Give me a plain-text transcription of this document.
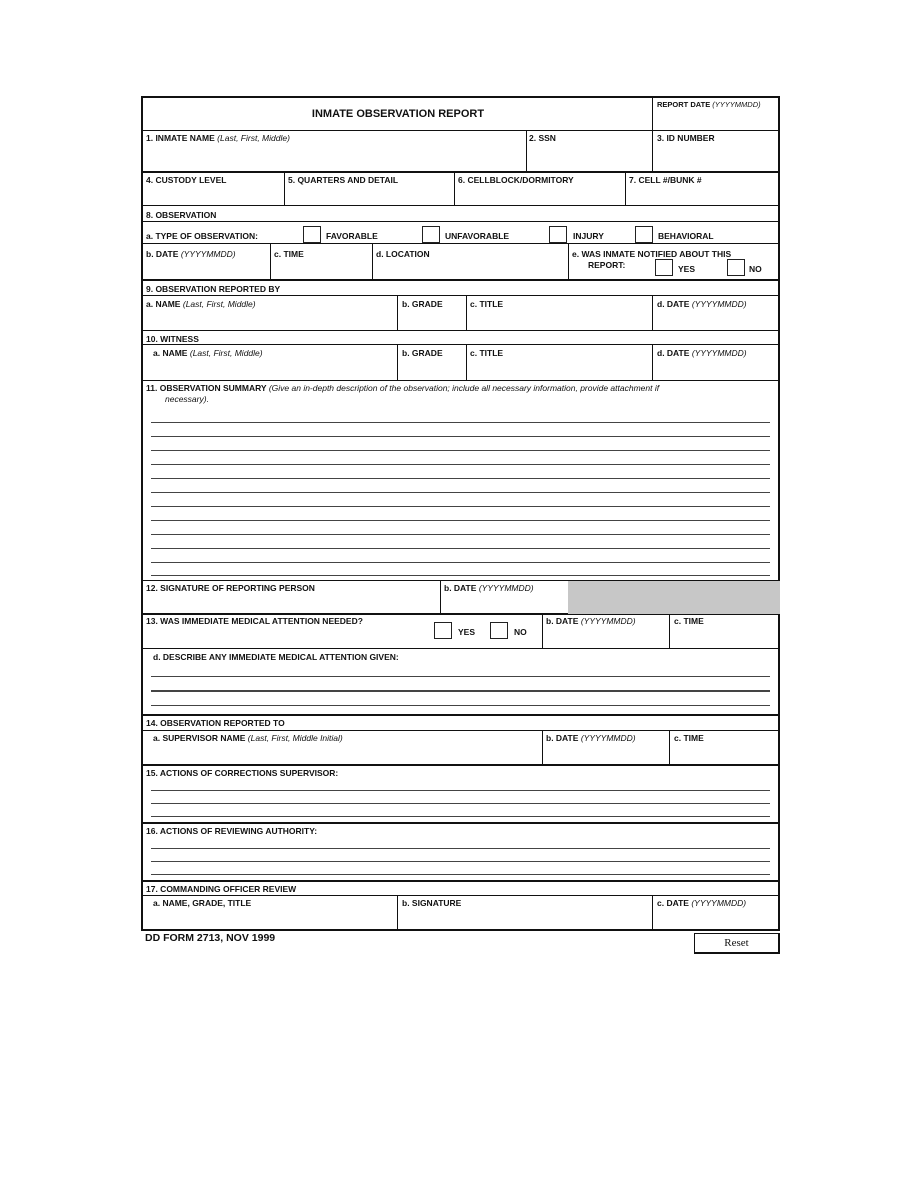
INMATE OBSERVATION REPORT
REPORT DATE (YYYYMMDD)
1. INMATE NAME (Last, First, Middle)	2. SSN	3. ID NUMBER
4. CUSTODY LEVEL	5. QUARTERS AND DETAIL	6. CELLBLOCK/DORMITORY	7. CELL #/BUNK #
8. OBSERVATION
a. TYPE OF OBSERVATION:	FAVORABLE	UNFAVORABLE	INJURY	BEHAVIORAL
b. DATE (YYYYMMDD)	c. TIME	d. LOCATION	e. WAS INMATE NOTIFIED ABOUT THIS
REPORT:	YES	NO
9. OBSERVATION REPORTED BY
a. NAME (Last, First, Middle)	b. GRADE	c. TITLE	d. DATE (YYYYMMDD)
10. WITNESS
a. NAME (Last, First, Middle)	b. GRADE	c. TITLE	d. DATE (YYYYMMDD)
11. OBSERVATION SUMMARY (Give an in-depth description of the observation; include all necessary information, provide attachment if
necessary).
12. SIGNATURE OF REPORTING PERSON	b. DATE (YYYYMMDD)
13. WAS IMMEDIATE MEDICAL ATTENTION NEEDED?
YES	NO
b. DATE (YYYYMMDD)	c. TIME
d. DESCRIBE ANY IMMEDIATE MEDICAL ATTENTION GIVEN:
14. OBSERVATION REPORTED TO
a. SUPERVISOR NAME (Last, First, Middle Initial)	b. DATE (YYYYMMDD)	c. TIME
15. ACTIONS OF CORRECTIONS SUPERVISOR:
16. ACTIONS OF REVIEWING AUTHORITY:
17. COMMANDING OFFICER REVIEW
a. NAME, GRADE, TITLE	b. SIGNATURE	c. DATE (YYYYMMDD)
DD FORM 2713, NOV 1999	Reset
